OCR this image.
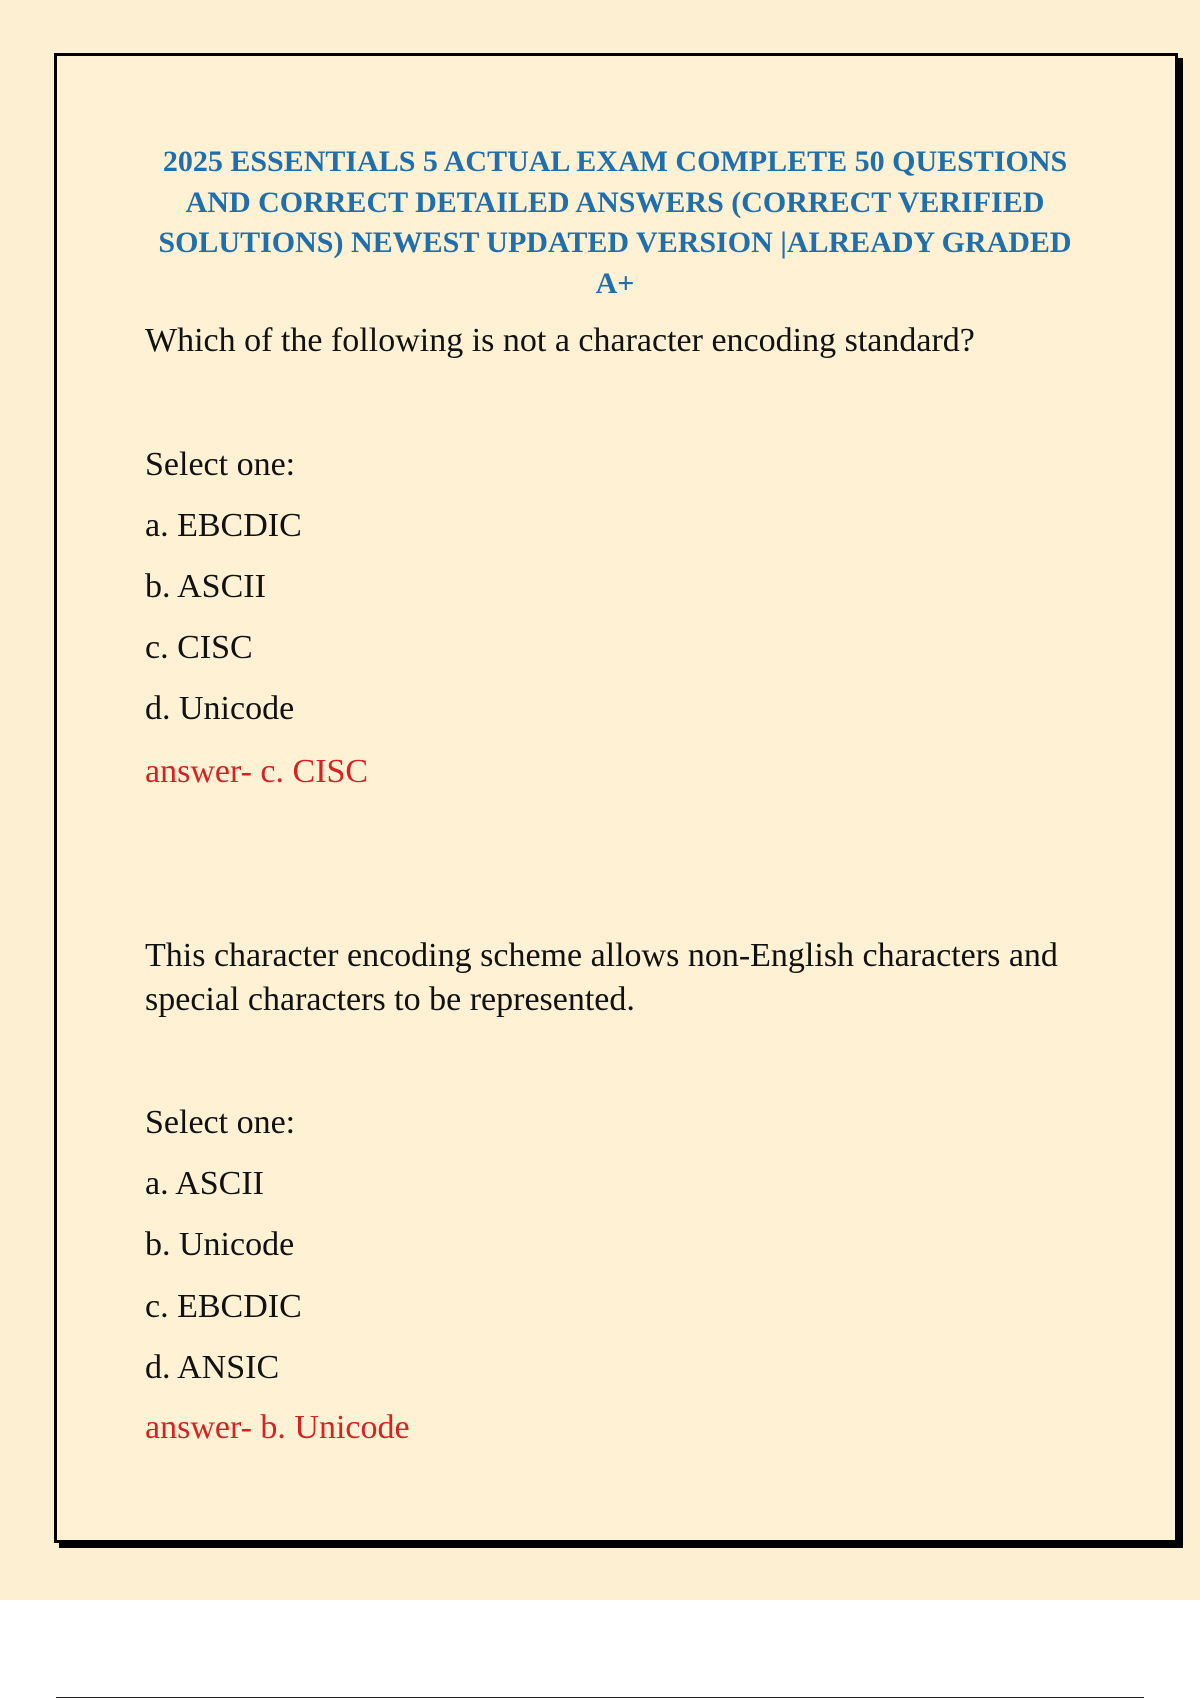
2025 ESSENTIALS 5 ACTUAL EXAM COMPLETE 50 QUESTIONS AND CORRECT DETAILED ANSWERS (CORRECT VERIFIED SOLUTIONS) NEWEST UPDATED VERSION |ALREADY GRADED A+

Which of the following is not a character encoding standard?

Select one:

a. EBCDIC

b. ASCII

c. CISC

d. Unicode

answer- c. CISC

This character encoding scheme allows non-English characters and special characters to be represented.

Select one:

a. ASCII

b. Unicode

c. EBCDIC

d. ANSIC

answer- b. Unicode
